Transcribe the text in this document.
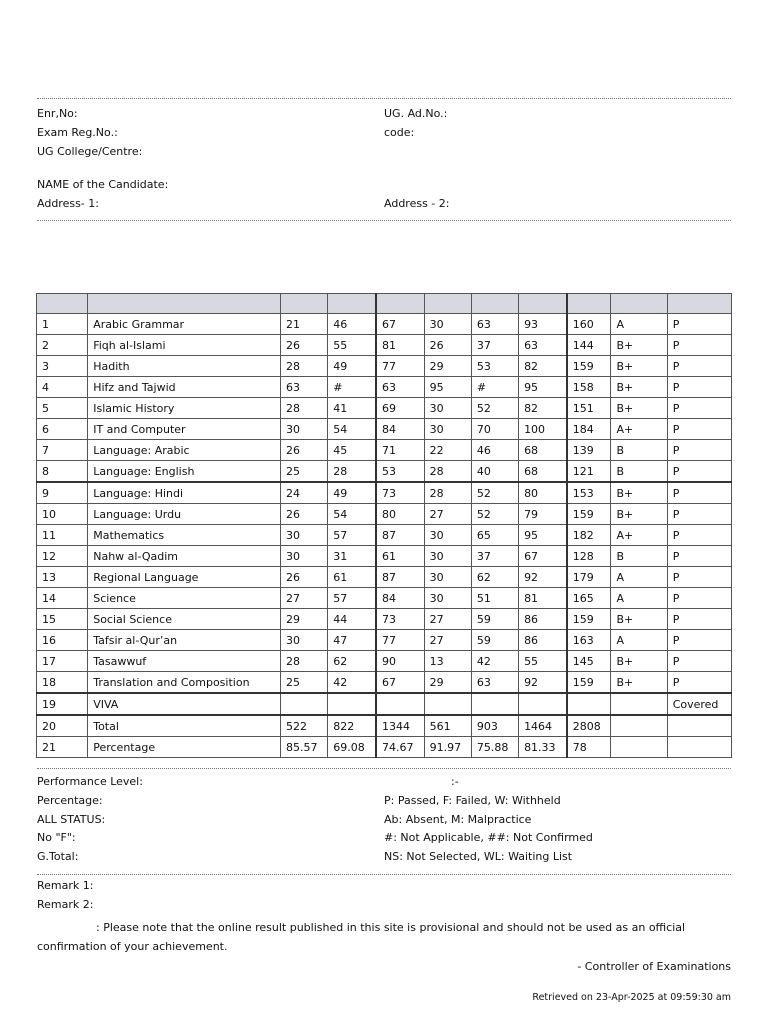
Enr,No:	UG. Ad.No.:
Exam Reg.No.:	code:
UG College/Centre:
NAME of the Candidate:
Address- 1:	Address - 2:

1	Arabic Grammar	21	46	67	30	63	93	160	A	P
2	Fiqh al-Islami	26	55	81	26	37	63	144	B+	P
3	Hadith	28	49	77	29	53	82	159	B+	P
4	Hifz and Tajwid	63	#	63	95	#	95	158	B+	P
5	Islamic History	28	41	69	30	52	82	151	B+	P
6	IT and Computer	30	54	84	30	70	100	184	A+	P
7	Language: Arabic	26	45	71	22	46	68	139	B	P
8	Language: English	25	28	53	28	40	68	121	B	P
9	Language: Hindi	24	49	73	28	52	80	153	B+	P
10	Language: Urdu	26	54	80	27	52	79	159	B+	P
11	Mathematics	30	57	87	30	65	95	182	A+	P
12	Nahw al-Qadim	30	31	61	30	37	67	128	B	P
13	Regional Language	26	61	87	30	62	92	179	A	P
14	Science	27	57	84	30	51	81	165	A	P
15	Social Science	29	44	73	27	59	86	159	B+	P
16	Tafsir al-Qur’an	30	47	77	27	59	86	163	A	P
17	Tasawwuf	28	62	90	13	42	55	145	B+	P
18	Translation and Composition	25	42	67	29	63	92	159	B+	P
19	VIVA									Covered
20	Total	522	822	1344	561	903	1464	2808		
21	Percentage	85.57	69.08	74.67	91.97	75.88	81.33	78		
Performance Level:	:-
Percentage:	P: Passed, F: Failed, W: Withheld
ALL STATUS:	Ab: Absent, M: Malpractice
No "F":	#: Not Applicable, ##: Not Confirmed
G.Total:	NS: Not Selected, WL: Waiting List
Remark 1:
Remark 2:
: Please note that the online result published in this site is provisional and should not be used as an official
confirmation of your achievement.
- Controller of Examinations
Retrieved on 23-Apr-2025 at 09:59:30 am
